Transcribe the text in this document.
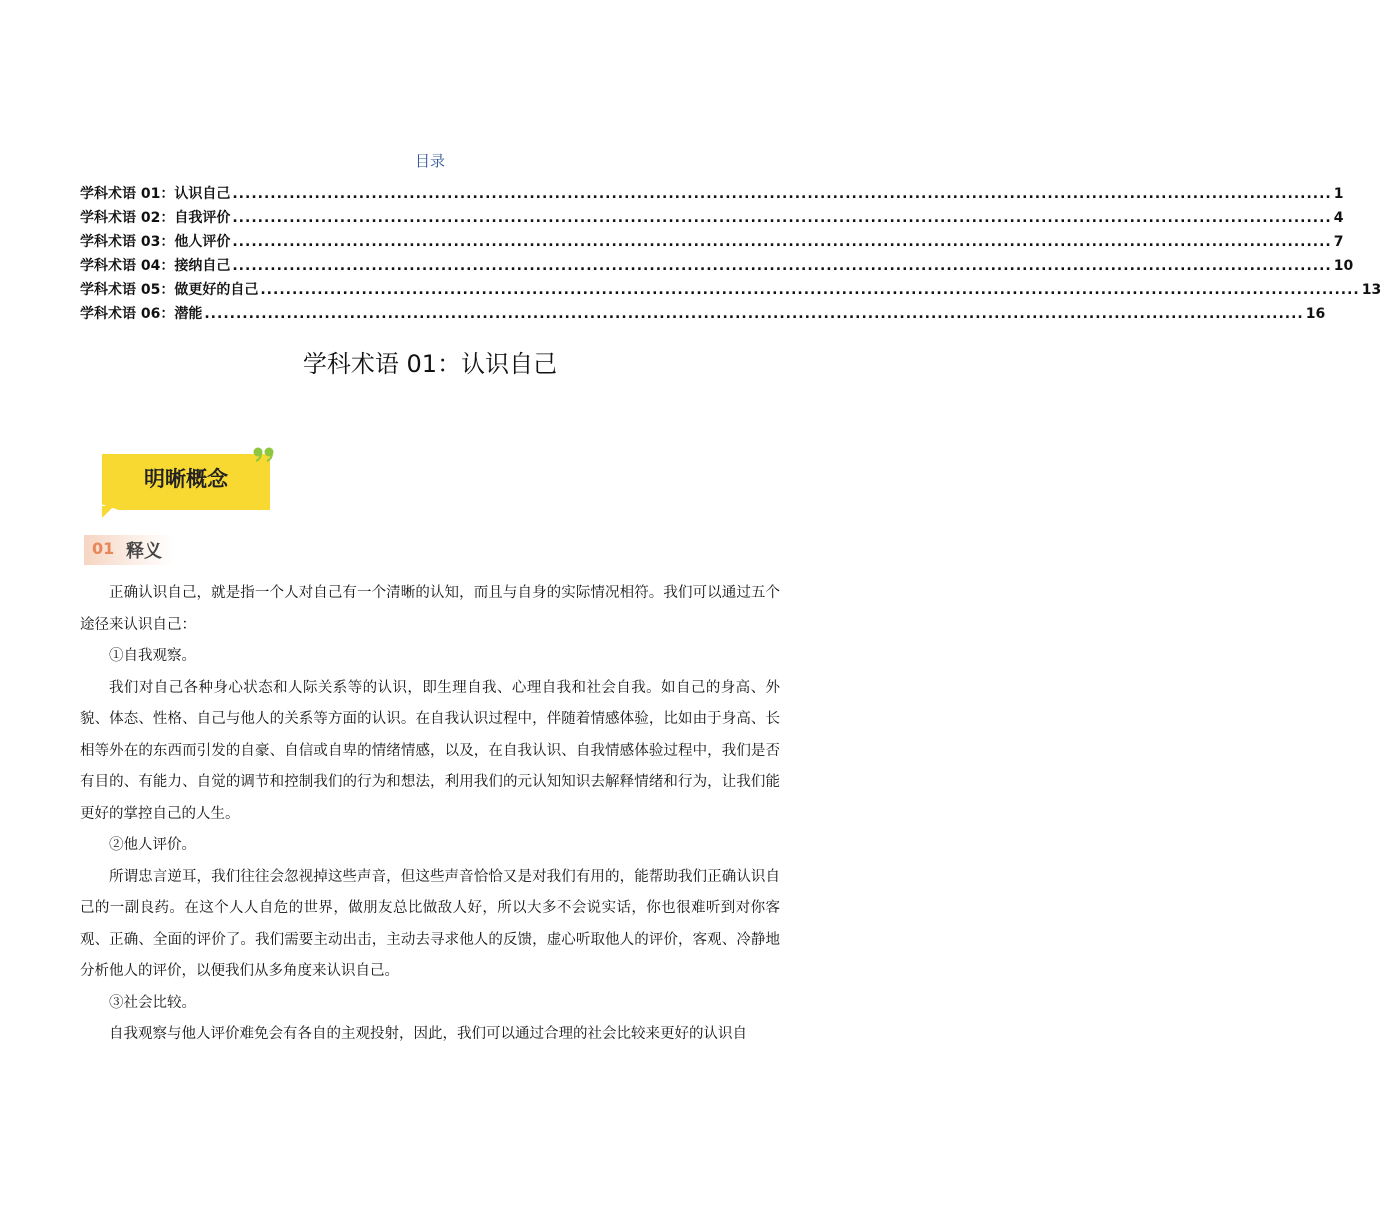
目录
学科术语 01：认识自己 .............................................................................................................................................................................. 1
学科术语 02：自我评价 .............................................................................................................................................................................. 4
学科术语 03：他人评价 .............................................................................................................................................................................. 7
学科术语 04：接纳自己 .............................................................................................................................................................................. 10
学科术语 05：做更好的自己 .............................................................................................................................................................................. 13
学科术语 06：潜能 .............................................................................................................................................................................. 16
学科术语 01：认识自己
明晰概念
01 释义

正确认识自己，就是指一个人对自己有一个清晰的认知，而且与自身的实际情况相符。我们可以通过五个途径来认识自己：

①自我观察。

我们对自己各种身心状态和人际关系等的认识，即生理自我、心理自我和社会自我。如自己的身高、外貌、体态、性格、自己与他人的关系等方面的认识。在自我认识过程中，伴随着情感体验，比如由于身高、长相等外在的东西而引发的自豪、自信或自卑的情绪情感，以及，在自我认识、自我情感体验过程中，我们是否有目的、有能力、自觉的调节和控制我们的行为和想法，利用我们的元认知知识去解释情绪和行为，让我们能更好的掌控自己的人生。

②他人评价。

所谓忠言逆耳，我们往往会忽视掉这些声音，但这些声音恰恰又是对我们有用的，能帮助我们正确认识自己的一副良药。在这个人人自危的世界，做朋友总比做敌人好，所以大多不会说实话，你也很难听到对你客观、正确、全面的评价了。我们需要主动出击，主动去寻求他人的反馈，虚心听取他人的评价，客观、冷静地分析他人的评价，以便我们从多角度来认识自己。

③社会比较。

自我观察与他人评价难免会有各自的主观投射，因此，我们可以通过合理的社会比较来更好的认识自
